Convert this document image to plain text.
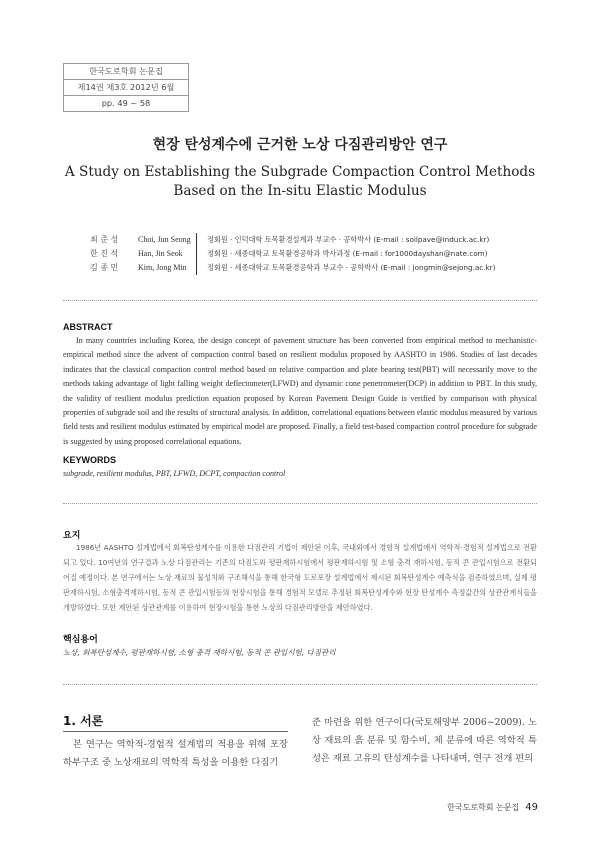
한국도로학회 논문집
제14권 제3호 2012년 6월
pp. 49 ~ 58
현장 탄성계수에 근거한 노상 다짐관리방안 연구
A Study on Establishing the Subgrade Compaction Control Methods
Based on the In-situ Elastic Modulus
최 준 성 Choi, Jun Seong	정회원 · 인덕대학 토목환경설계과 부교수 · 공학박사 (E-mail : soilpave@induck.ac.kr)
한 진 석 Han, Jin Seok	정회원 · 세종대학교 토목환경공학과 박사과정 (E-mail : for1000dayshan@nate.com)
김 종 민 Kim, Jong Min	정회원 · 세종대학교 토목환경공학과 부교수 · 공학박사 (E-mail : jongmin@sejong.ac.kr)
ABSTRACT
In many countries including Korea, the design concept of pavement structure has been converted from empirical method to mechanistic-empirical method since the advent of compaction control based on resilient modulus proposed by AASHTO in 1986. Studies of last decades indicates that the classical compaction control method based on relative compaction and plate bearing test(PBT) will necessarily move to the methods taking advantage of light falling weight deflectometer(LFWD) and dynamic cone penetrometer(DCP) in addition to PBT. In this study, the validity of resilient modulus prediction equation proposed by Korean Pavement Design Guide is verified by comparison with physical properties of subgrade soil and the results of structural analysis. In addition, correlational equations between elastic modulus measured by various field tests and resilient modulus estimated by empirical model are proposed. Finally, a field test-based compaction control procedure for subgrade is suggested by using proposed correlational equations.
KEYWORDS
subgrade, resilient modulus, PBT, LFWD, DCPT, compaction control
요지
1986년 AASHTO 설계법에서 회복탄성계수를 이용한 다짐관리 기법이 제안된 이후, 국내외에서 경험적 설계법에서 역학적-경험적 설계법으로 전환되고 있다. 10여년의 연구결과 노상 다짐관리는 기존의 다짐도와 평판재하시험에서 평판재하시험 및 소형 충격 재하시험, 동적 콘 관입시험으로 전환되어질 예정이다. 본 연구에서는 노상 재료의 물성치와 구조해석을 통해 한국형 도로포장 설계법에서 제시된 회복탄성계수 예측식을 검증하였으며, 실제 평판재하시험, 소형충격재하시험, 동적 콘 관입시험등의 현장시험을 통해 경험적 모델로 추정된 회복탄성계수와 현장 탄성계수 측정값간의 상관관계식들을 개발하였다. 또한 제안된 상관관계를 이용하여 현장시험을 통한 노상의 다짐관리방안을 제안하였다.
핵심용어
노상, 회복탄성계수, 평판재하시험, 소형 충격 재하시험, 동적 콘 관입시험, 다짐관리
1. 서론
본 연구는 역학적-경험적 설계법의 적용을 위해 포장 하부구조 중 노상재료의 역학적 특성을 이용한 다짐기
준 마련을 위한 연구이다(국토해양부 2006~2009). 노상 재료의 흙 분류 및 함수비, 체 분류에 따른 역학적 특성은 재료 고유의 탄성계수를 나타내며, 연구 전개 편의
한국도로학회 논문집 49
